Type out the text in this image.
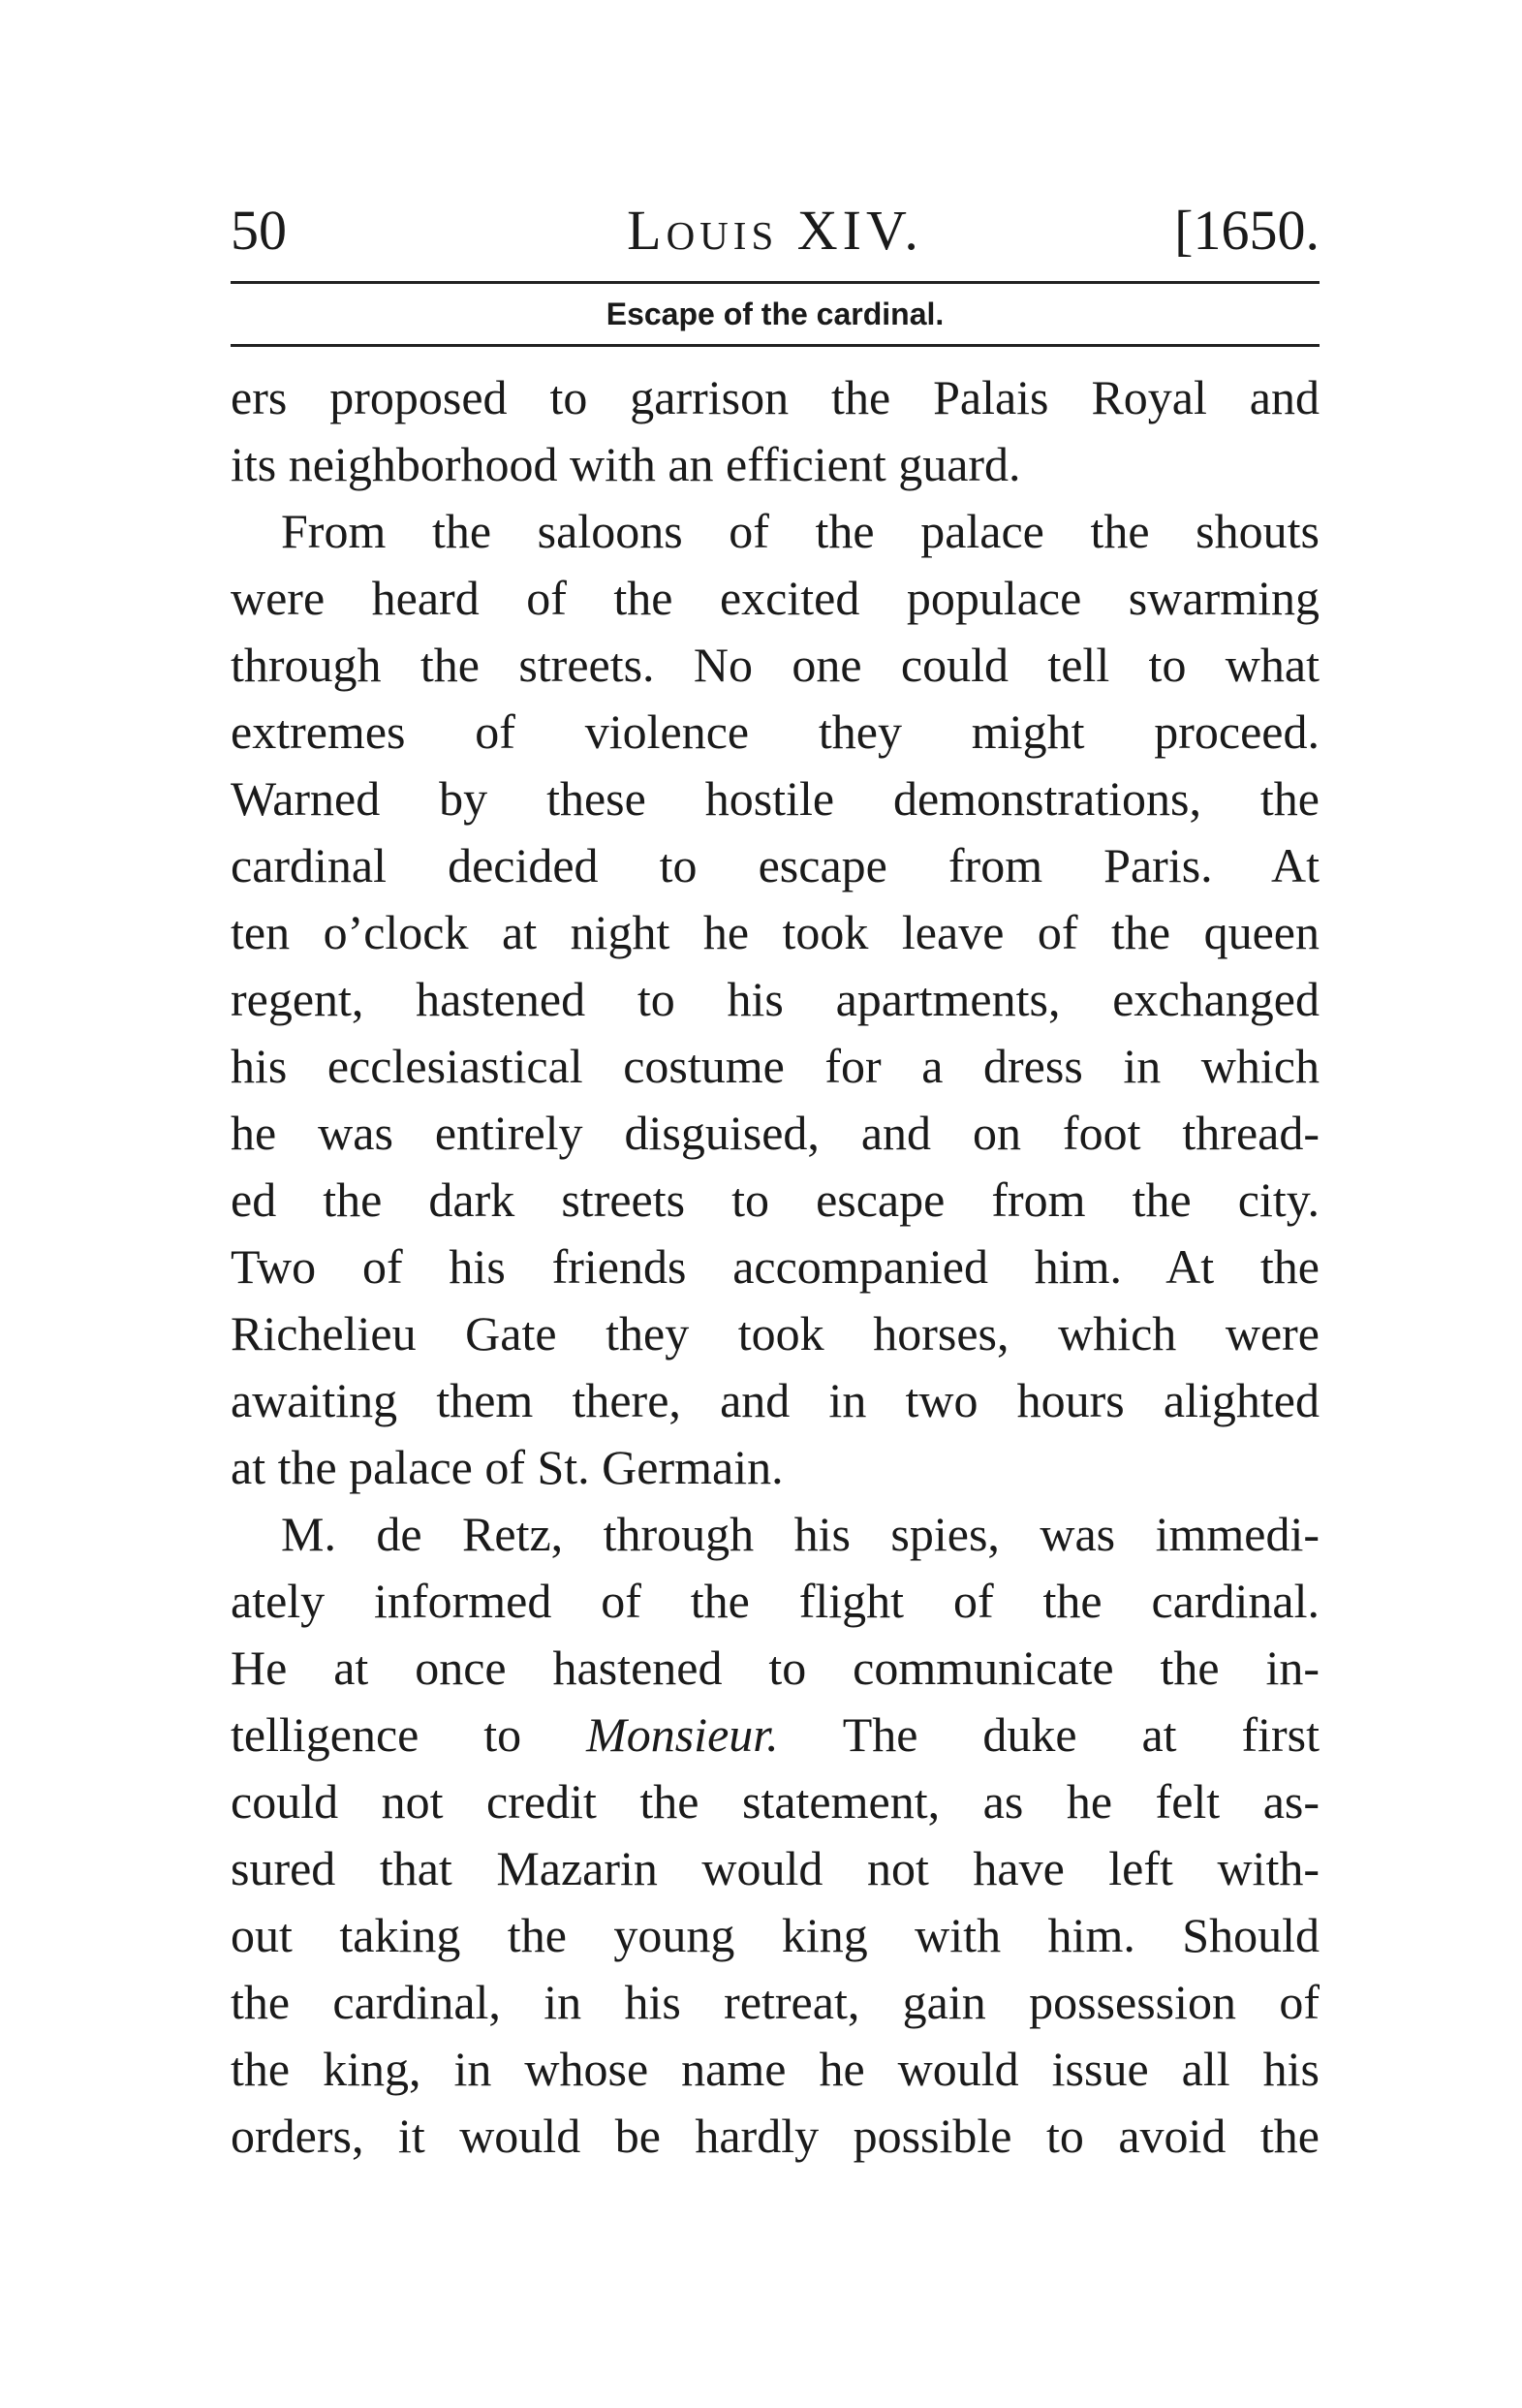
50	Louis XIV.	[1650.
Escape of the cardinal.
ers proposed to garrison the Palais Royal and
its neighborhood with an efficient guard.
From the saloons of the palace the shouts
were heard of the excited populace swarming
through the streets. No one could tell to what
extremes of violence they might proceed.
Warned by these hostile demonstrations, the
cardinal decided to escape from Paris. At
ten o’clock at night he took leave of the queen
regent, hastened to his apartments, exchanged
his ecclesiastical costume for a dress in which
he was entirely disguised, and on foot thread-
ed the dark streets to escape from the city.
Two of his friends accompanied him. At the
Richelieu Gate they took horses, which were
awaiting them there, and in two hours alighted
at the palace of St. Germain.
M. de Retz, through his spies, was immedi-
ately informed of the flight of the cardinal.
He at once hastened to communicate the in-
telligence to Monsieur. The duke at first
could not credit the statement, as he felt as-
sured that Mazarin would not have left with-
out taking the young king with him. Should
the cardinal, in his retreat, gain possession of
the king, in whose name he would issue all his
orders, it would be hardly possible to avoid the
